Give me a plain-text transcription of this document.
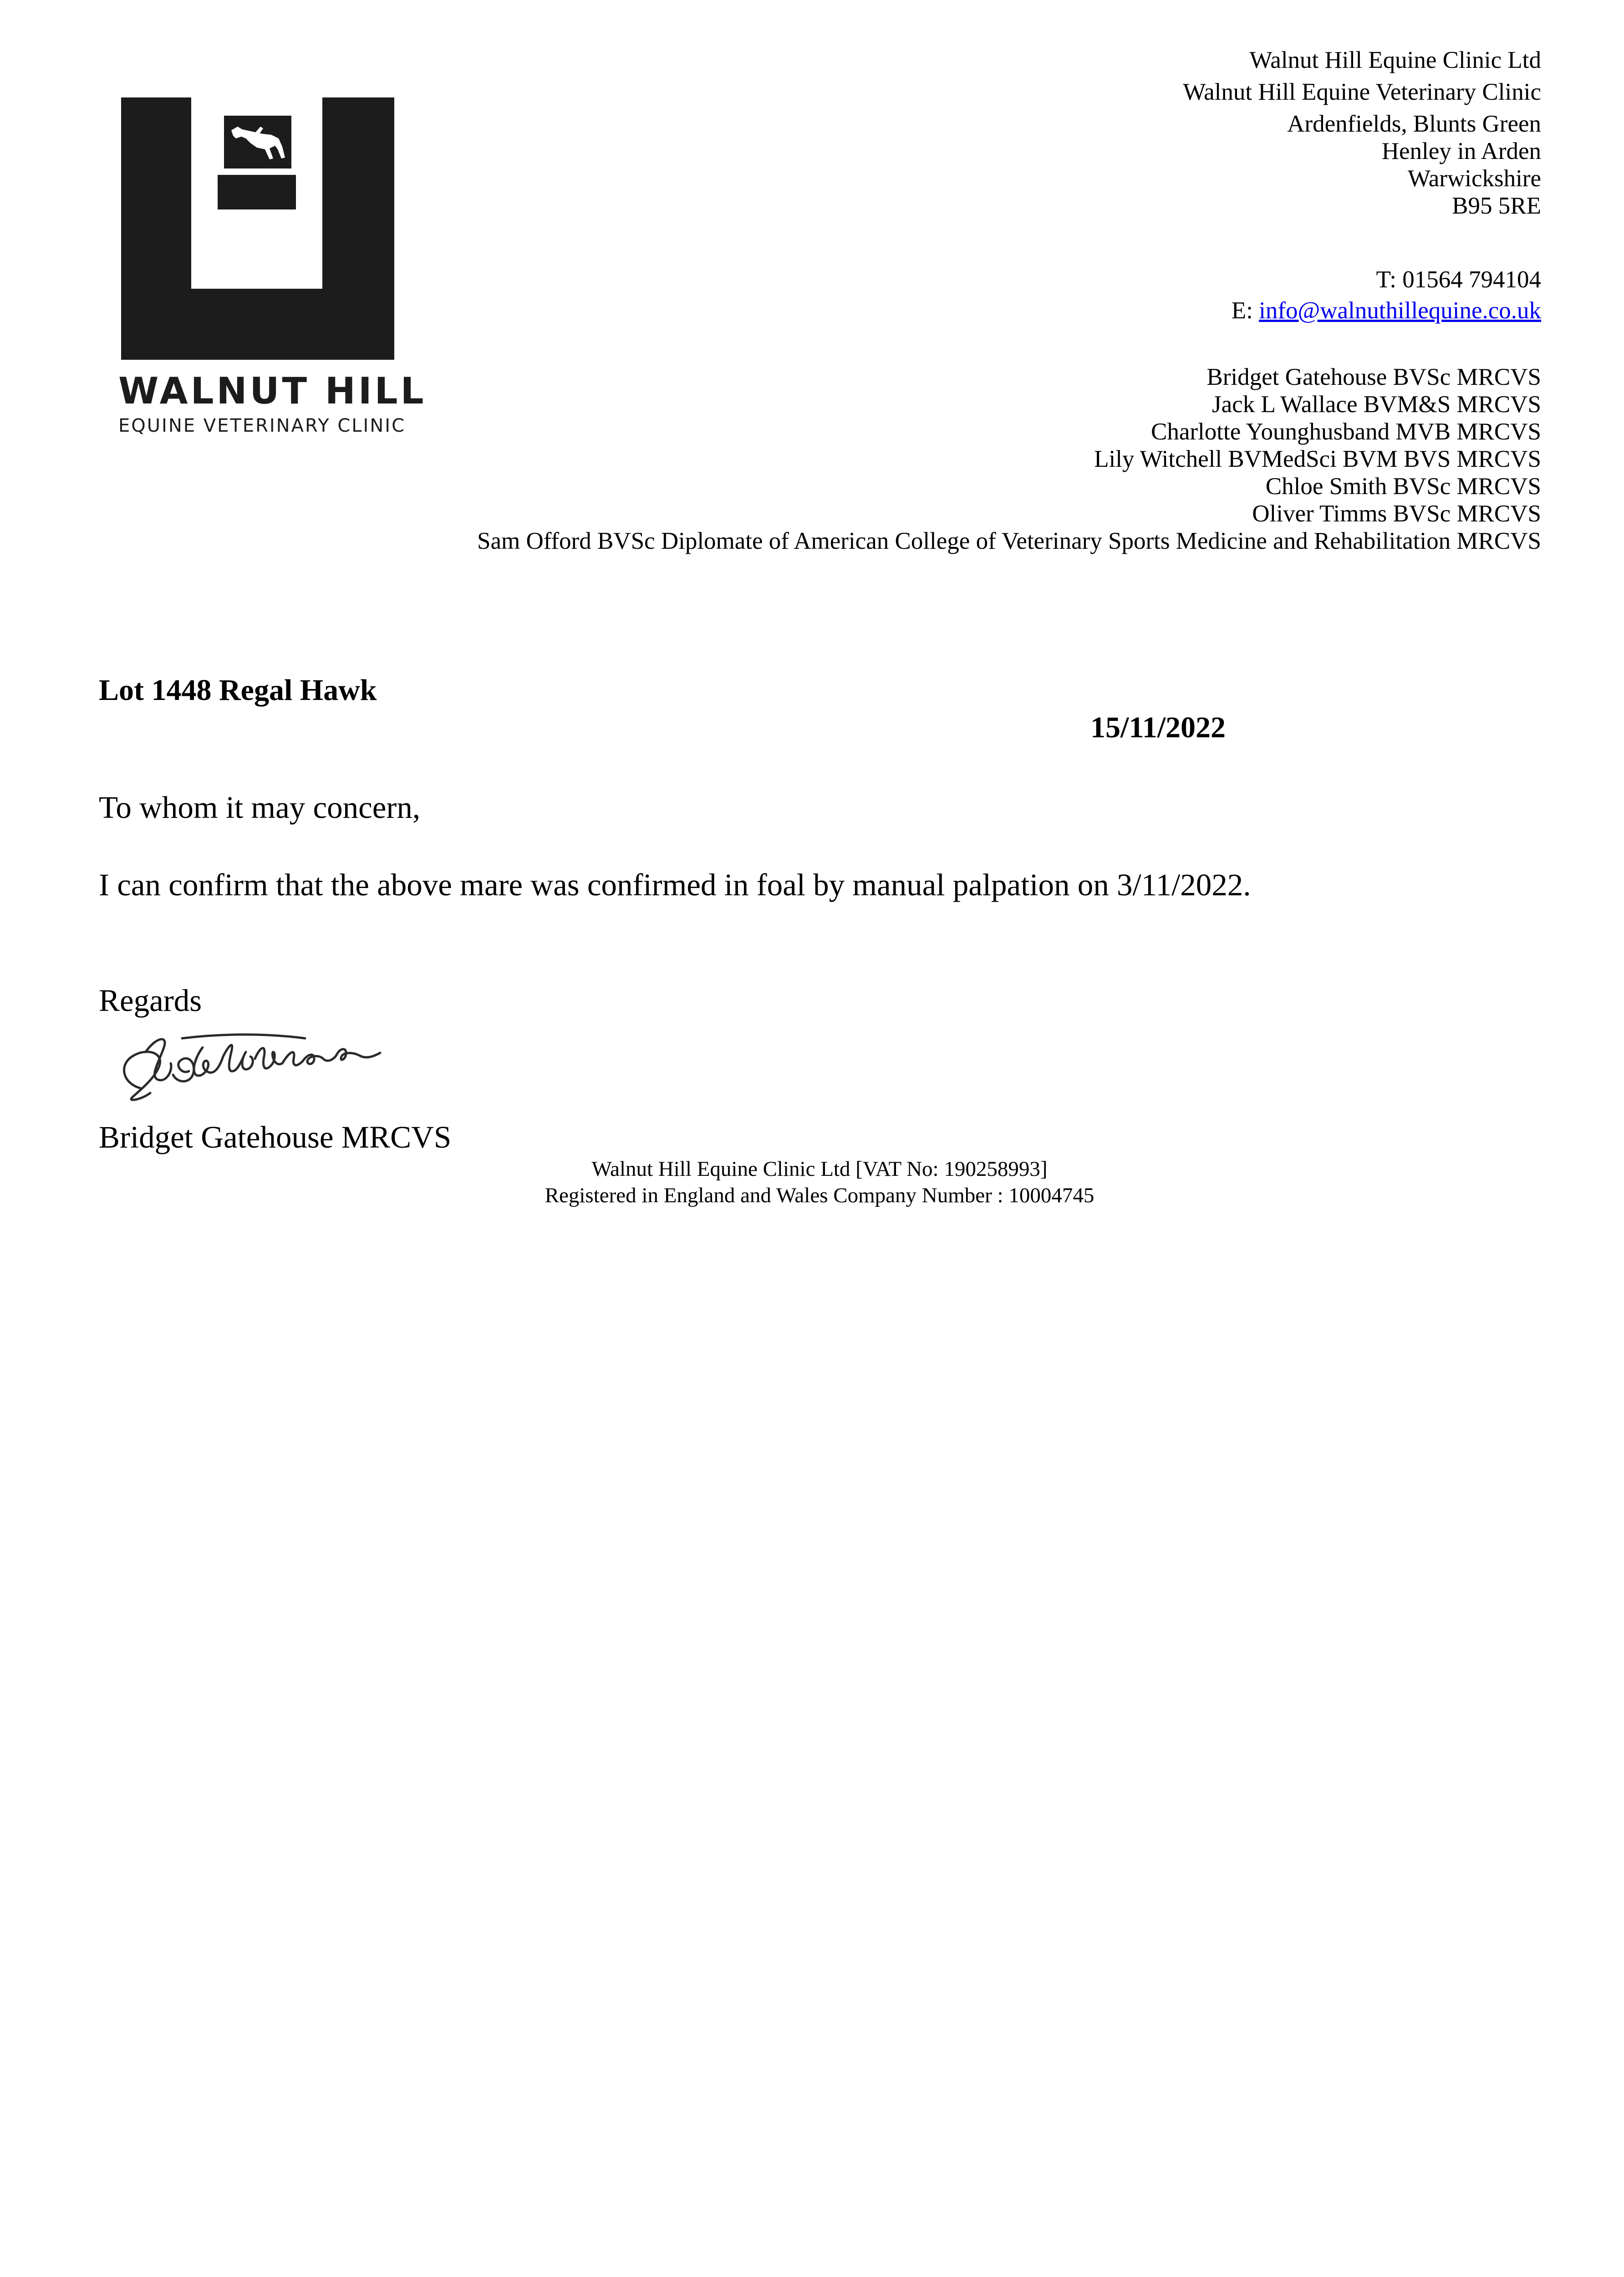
WALNUT HILL
EQUINE VETERINARY CLINIC
Walnut Hill Equine Clinic Ltd
Walnut Hill Equine Veterinary Clinic
Ardenfields, Blunts Green
Henley in Arden
Warwickshire
B95 5RE
T: 01564 794104
E: info@walnuthillequine.co.uk
Bridget Gatehouse BVSc MRCVS
Jack L Wallace BVM&S MRCVS
Charlotte Younghusband MVB MRCVS
Lily Witchell BVMedSci BVM BVS MRCVS
Chloe Smith BVSc MRCVS
Oliver Timms BVSc MRCVS
Sam Offord BVSc Diplomate of American College of Veterinary Sports Medicine and Rehabilitation MRCVS
Lot 1448 Regal Hawk
15/11/2022
To whom it may concern,
I can confirm that the above mare was confirmed in foal by manual palpation on 3/11/2022.
Regards
Bridget Gatehouse MRCVS
Walnut Hill Equine Clinic Ltd [VAT No: 190258993]
Registered in England and Wales Company Number : 10004745
